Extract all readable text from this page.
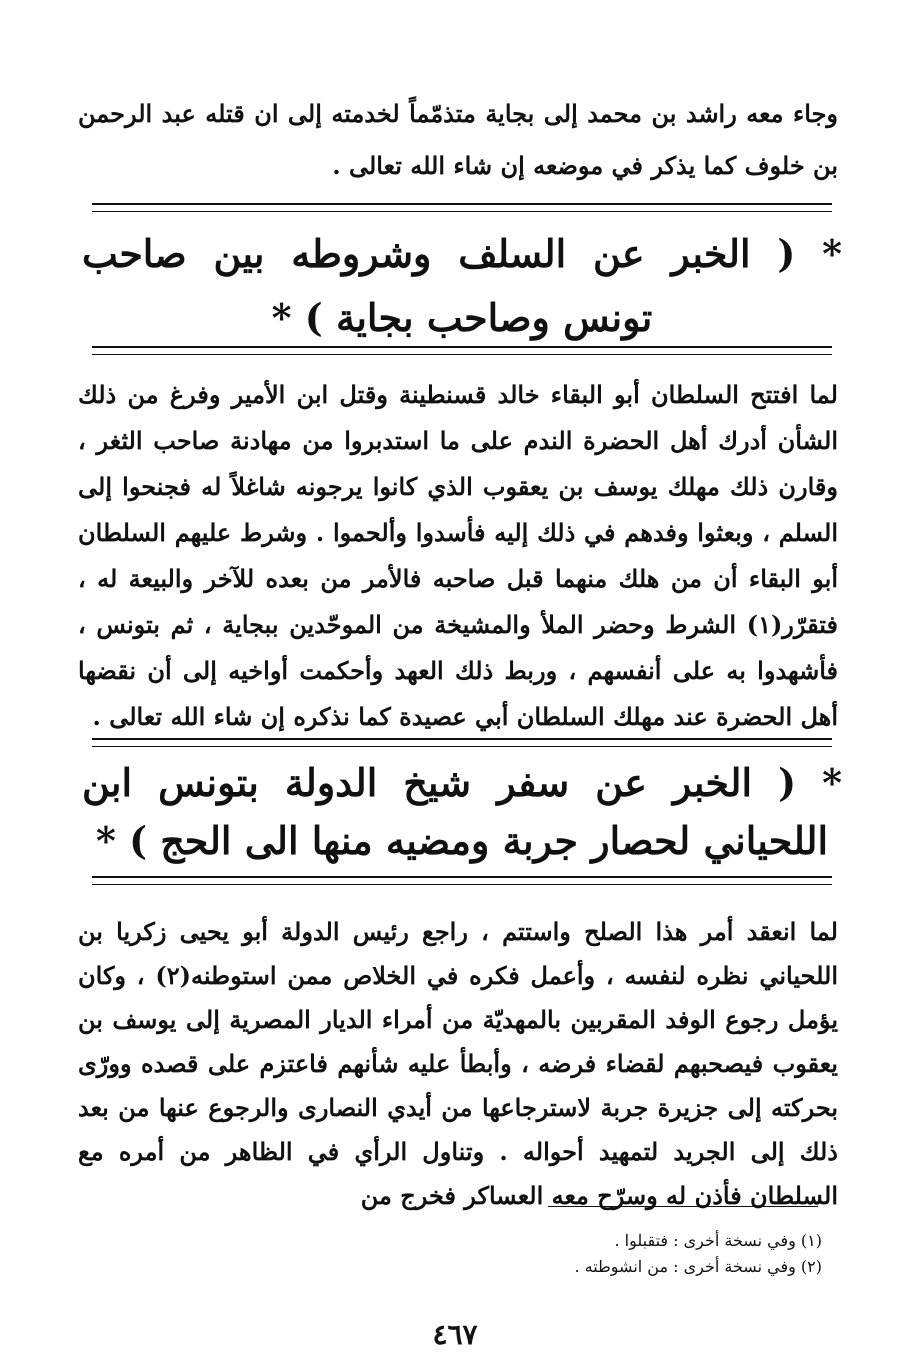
وجاء معه راشد بن محمد إلى بجاية متذمّماً لخدمته إلى ان قتله عبد الرحمن بن خلوف كما يذكر في موضعه إن شاء الله تعالى .

* ( الخبر عن السلف وشروطه بين صاحب تونس وصاحب بجاية ) *

لما افتتح السلطان أبو البقاء خالد قسنطينة وقتل ابن الأمير وفرغ من ذلك الشأن أدرك أهل الحضرة الندم على ما استدبروا من مهادنة صاحب الثغر ، وقارن ذلك مهلك يوسف بن يعقوب الذي كانوا يرجونه شاغلاً له فجنحوا إلى السلم ، وبعثوا وفدهم في ذلك إليه فأسدوا وألحموا . وشرط عليهم السلطان أبو البقاء أن من هلك منهما قبل صاحبه فالأمر من بعده للآخر والبيعة له ، فتقرّر(١) الشرط وحضر الملأ والمشيخة من الموحّدين ببجاية ، ثم بتونس ، فأشهدوا به على أنفسهم ، وربط ذلك العهد وأحكمت أواخيه إلى أن نقضها أهل الحضرة عند مهلك السلطان أبي عصيدة كما نذكره إن شاء الله تعالى .

* ( الخبر عن سفر شيخ الدولة بتونس ابن اللحياني لحصار جربة ومضيه منها الى الحج ) *

لما انعقد أمر هذا الصلح واستتم ، راجع رئيس الدولة أبو يحيى زكريا بن اللحياني نظره لنفسه ، وأعمل فكره في الخلاص ممن استوطنه(٢) ، وكان يؤمل رجوع الوفد المقربين بالمهديّة من أمراء الديار المصرية إلى يوسف بن يعقوب فيصحبهم لقضاء فرضه ، وأبطأ عليه شأنهم فاعتزم على قصده وورّى بحركته إلى جزيرة جربة لاسترجاعها من أيدي النصارى والرجوع عنها من بعد ذلك إلى الجريد لتمهيد أحواله . وتناول الرأي في الظاهر من أمره مع السلطان فأذن له وسرّح معه العساكر فخرج من

(١) وفي نسخة أخرى : فتقبلوا .

(٢) وفي نسخة أخرى : من انشوطته .

٤٦٧
